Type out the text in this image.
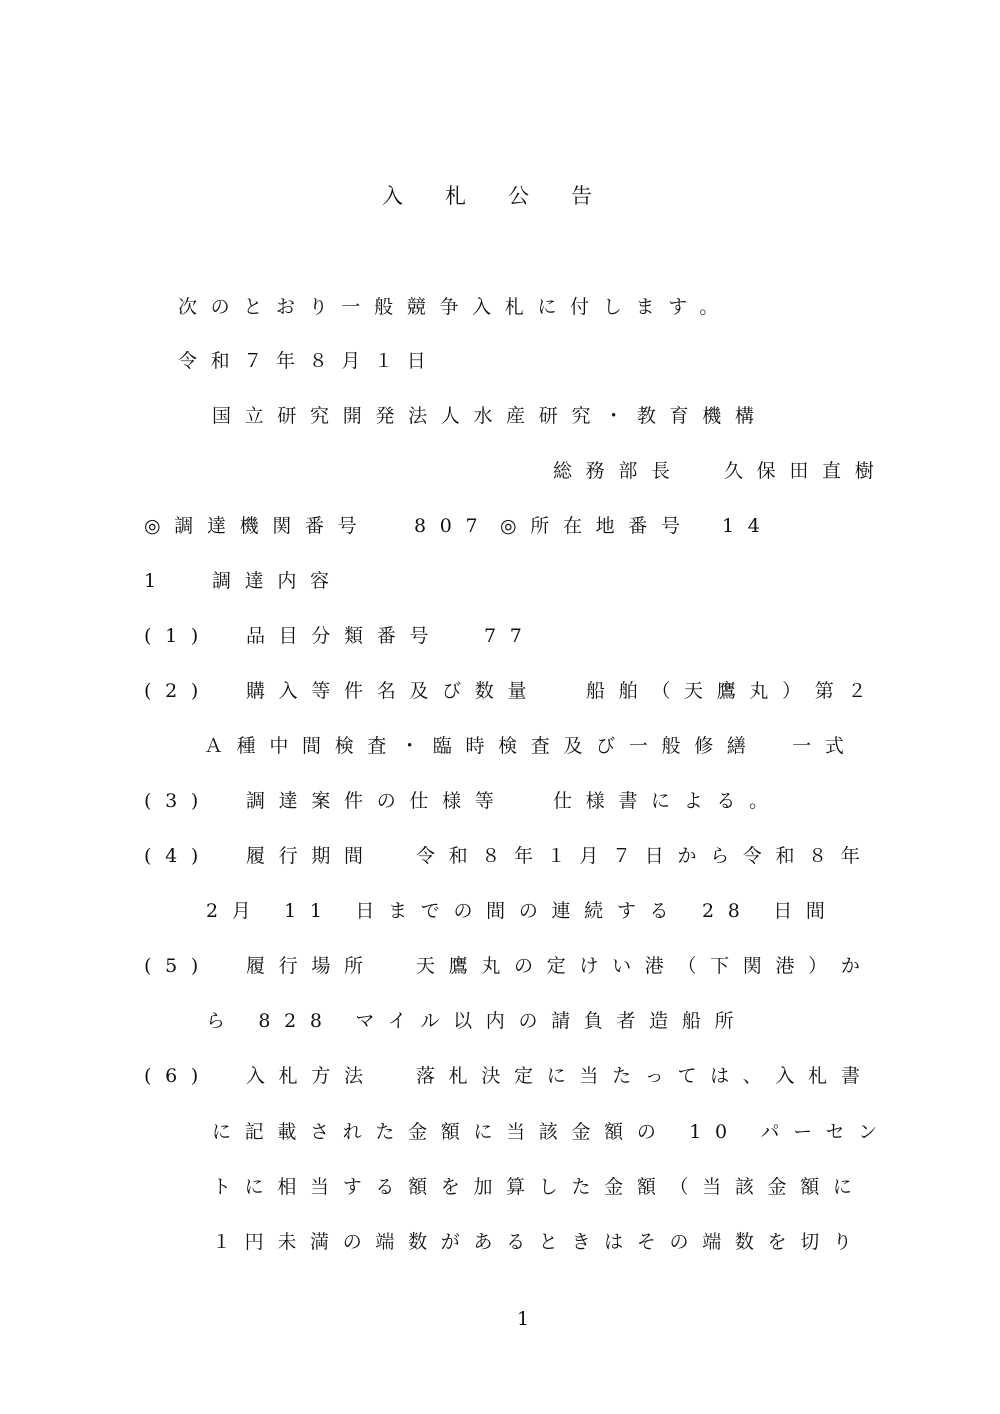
入札公告
次のとおり一般競争入札に付します。
令和７年８月１日
国立研究開発法人水産研究・教育機構
総務部長 久保田直樹
◎調達機関番号 807 ◎所在地番号 14
1	調達内容
(1) 品目分類番号 77
(2) 購入等件名及び数量 船舶（天鷹丸）第２
Ａ種中間検査・臨時検査及び一般修繕　一式
(3) 調達案件の仕様等 仕様書による。
(4) 履行期間 令和８年１月７日から令和８年
2月 11 日までの間の連続する 28 日間
(5) 履行場所 天鷹丸の定けい港（下関港）か
ら 828 マイル以内の請負者造船所
(6) 入札方法 落札決定に当たっては、入札書
に記載された金額に当該金額の 10 パーセン
トに相当する額を加算した金額（当該金額に
１円未満の端数があるときはその端数を切り
1
